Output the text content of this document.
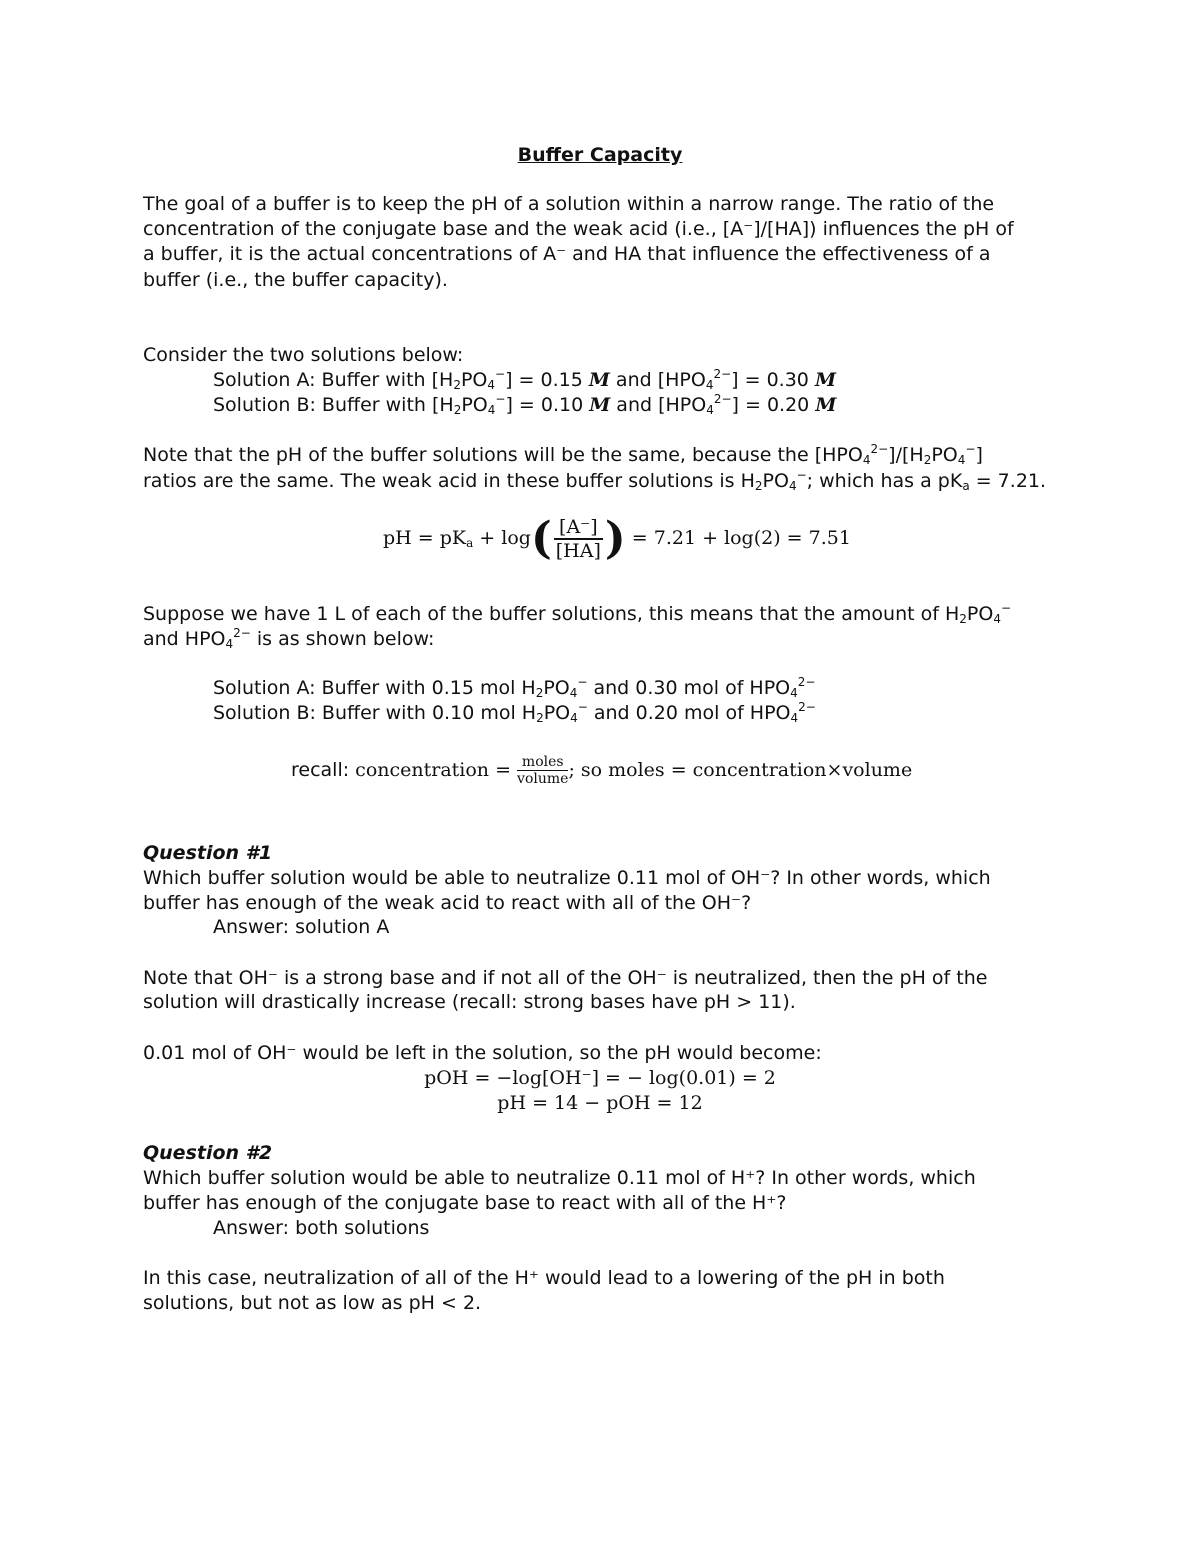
Buffer Capacity
The goal of a buffer is to keep the pH of a solution within a narrow range. The ratio of the
concentration of the conjugate base and the weak acid (i.e., [A⁻]/[HA]) influences the pH of
a buffer, it is the actual concentrations of A⁻ and HA that influence the effectiveness of a
buffer (i.e., the buffer capacity).
Consider the two solutions below:
Solution A: Buffer with $[H_2PO_4^-] = 0.15$ M and $[HPO_4^{2-}] = 0.30$ M
Solution B: Buffer with $[H_2PO_4^-] = 0.10$ M and $[HPO_4^{2-}] = 0.20$ M
Note that the pH of the buffer solutions will be the same, because the $[HPO_4^{2-}]/[H_2PO_4^-]$
ratios are the same. The weak acid in these buffer solutions is $H_2PO_4^-$; which has a $pK_a = 7.21$.
pH = $pK_a + \log( \frac{[A^-]}{[HA]}$ ) = 7.21 + log(2) = 7.51
Suppose we have 1 L of each of the buffer solutions, this means that the amount of $H_2PO_4^-$
and $HPO_4^{2-}$ is as shown below:
Solution A: Buffer with 0.15 mol $H_2PO_4^-$ and 0.30 mol of $HPO_4^{2-}$
Solution B: Buffer with 0.10 mol $H_2PO_4^-$ and 0.20 mol of $HPO_4^{2-}$
recall: concentration = $\frac{\text{moles}}{\text{volume}}$; so moles = concentration×volume
Question #1
Which buffer solution would be able to neutralize 0.11 mol of OH⁻? In other words, which
buffer has enough of the weak acid to react with all of the OH⁻?
Answer: solution A
Note that OH⁻ is a strong base and if not all of the OH⁻ is neutralized, then the pH of the
solution will drastically increase (recall: strong bases have pH > 11).
0.01 mol of OH⁻ would be left in the solution, so the pH would become:
pOH = −log[OH⁻] = − log(0.01) = 2
pH = 14 − pOH = 12
Question #2
Which buffer solution would be able to neutralize 0.11 mol of H⁺? In other words, which
buffer has enough of the conjugate base to react with all of the H⁺?
Answer: both solutions
In this case, neutralization of all of the H⁺ would lead to a lowering of the pH in both
solutions, but not as low as pH < 2.
